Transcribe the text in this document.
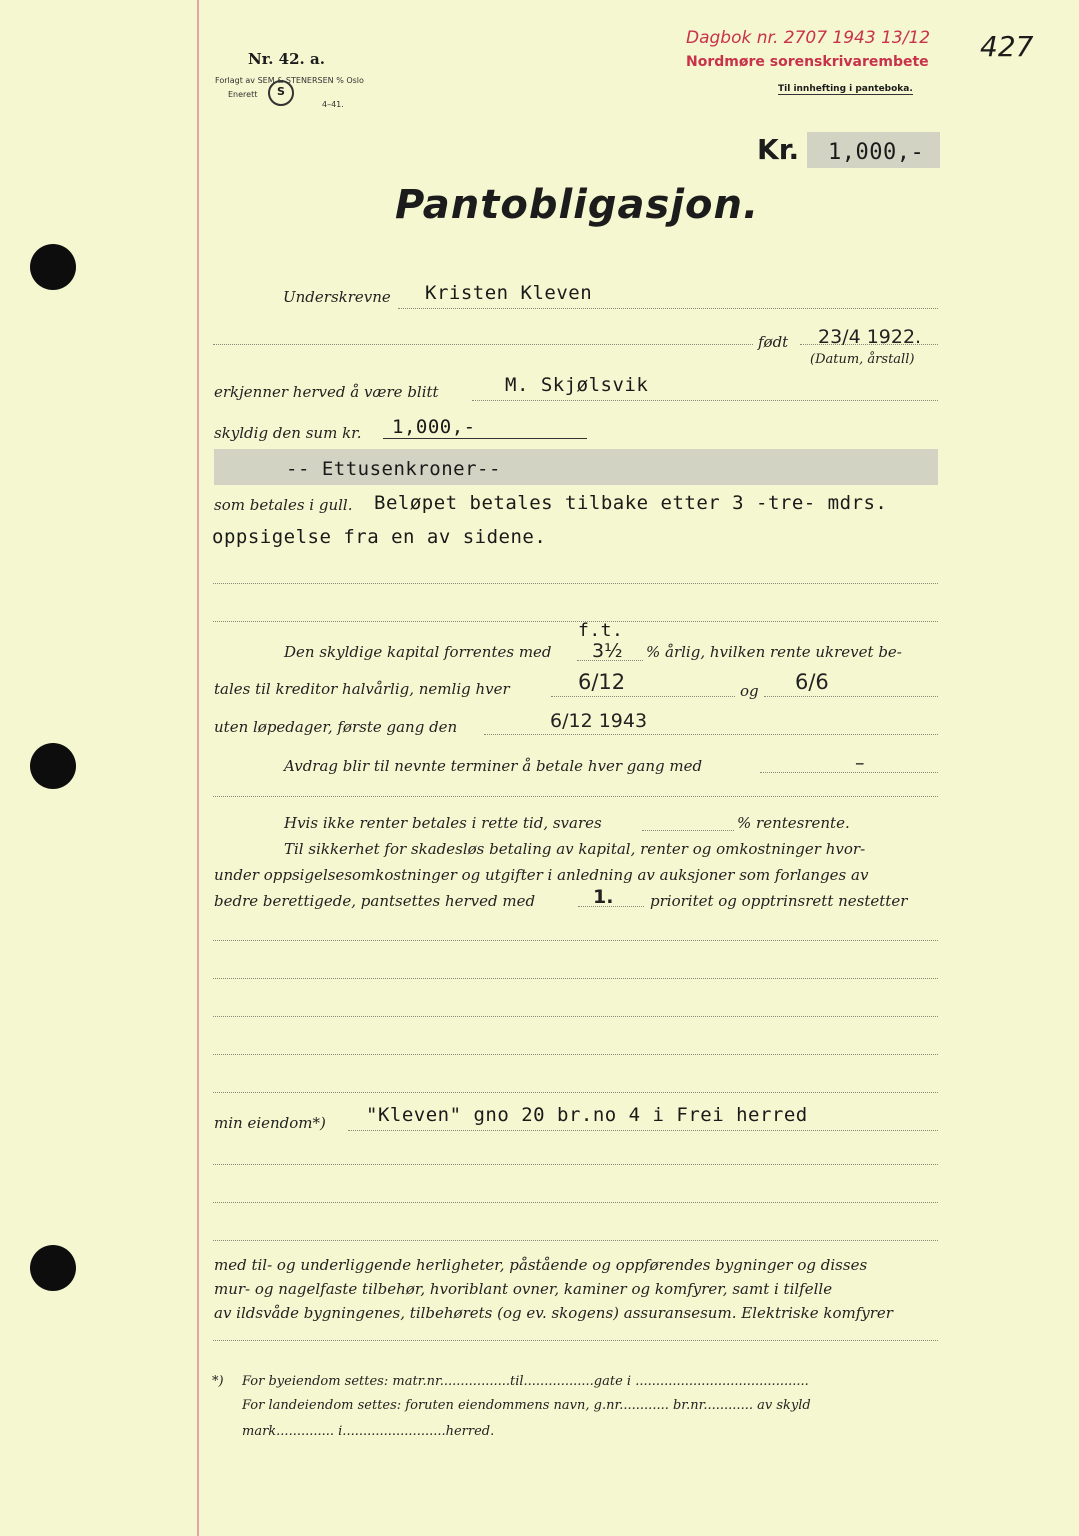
Nr. 42. a.
Forlagt av SEM & STENERSEN % Oslo
Enerett	S
4–41.
Dagbok nr. 2707 1943 13/12
Nordmøre sorenskrivarembete
Til innhefting i panteboka.
427
Kr. 1,000,-
Pantobligasjon.
Underskrevne Kristen Kleven
født 23/4 1922.
(Datum, årstall)
erkjenner herved å være blitt	M. Skjølsvik
skyldig den sum kr. 1,000,-
-- Ettusenkroner--
som betales i gull. Beløpet betales tilbake etter 3 -tre- mdrs.
oppsigelse fra en av sidene.
f.t.
Den skyldige kapital forrentes med 3½ % årlig, hvilken rente ukrevet be-
tales til kreditor halvårlig, nemlig hver	6/12	og 6/6
uten løpedager, første gang den	6/12 1943
Avdrag blir til nevnte terminer å betale hver gang med	–
Hvis ikke renter betales i rette tid, svares	% rentesrente.
Til sikkerhet for skadesløs betaling av kapital, renter og omkostninger hvor-
under oppsigelsesomkostninger og utgifter i anledning av auksjoner som forlanges av
bedre berettigede, pantsettes herved med	1. prioritet og opptrinsrett nestetter
min eiendom*) "Kleven" gno 20 br.no 4 i Frei herred
med til- og underliggende herligheter, påstående og oppførendes bygninger og disses
mur- og nagelfaste tilbehør, hvoriblant ovner, kaminer og komfyrer, samt i tilfelle
av ildsvåde bygningenes, tilbehørets (og ev. skogens) assuransesum. Elektriske komfyrer
*) For byeiendom settes: matr.nr.................til.................gate i ..........................................
For landeiendom settes: foruten eiendommens navn, g.nr............ br.nr............ av skyld
mark.............. i.........................herred.
